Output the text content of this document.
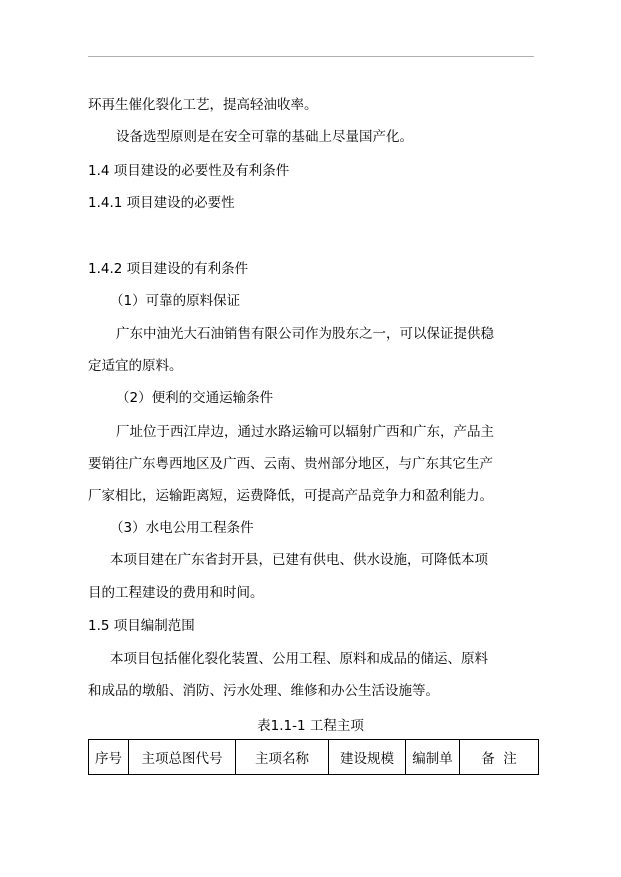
环再生催化裂化工艺，提高轻油收率。
设备选型原则是在安全可靠的基础上尽量国产化。
1.4 项目建设的必要性及有利条件
1.4.1 项目建设的必要性
1.4.2 项目建设的有利条件
（1）可靠的原料保证
广东中油光大石油销售有限公司作为股东之一，可以保证提供稳
定适宜的原料。
（2）便利的交通运输条件
厂址位于西江岸边，通过水路运输可以辐射广西和广东，产品主
要销往广东粤西地区及广西、云南、贵州部分地区，与广东其它生产
厂家相比，运输距离短，运费降低，可提高产品竞争力和盈利能力。
（3）水电公用工程条件
本项目建在广东省封开县，已建有供电、供水设施，可降低本项
目的工程建设的费用和时间。
1.5 项目编制范围
本项目包括催化裂化装置、公用工程、原料和成品的储运、原料
和成品的墩船、消防、污水处理、维修和办公生活设施等。
表1.1-1 工程主项
序号	主项总图代号	主项名称	建设规模	编制单	备  注
